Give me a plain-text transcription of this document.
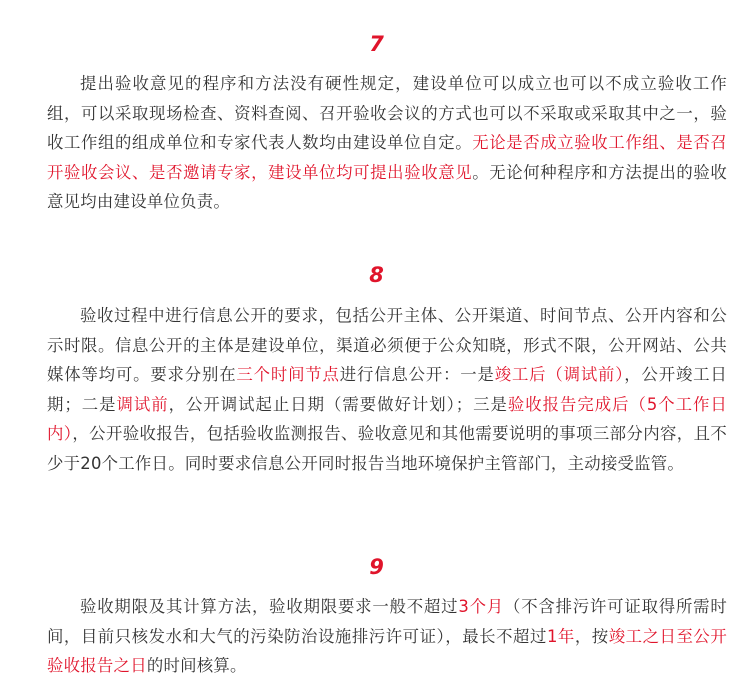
7

提出验收意见的程序和方法没有硬性规定，建设单位可以成立也可以不成立验收工作组，可以采取现场检查、资料查阅、召开验收会议的方式也可以不采取或采取其中之一，验收工作组的组成单位和专家代表人数均由建设单位自定。无论是否成立验收工作组、是否召开验收会议、是否邀请专家，建设单位均可提出验收意见。无论何种程序和方法提出的验收意见均由建设单位负责。

8

验收过程中进行信息公开的要求，包括公开主体、公开渠道、时间节点、公开内容和公示时限。信息公开的主体是建设单位，渠道必须便于公众知晓，形式不限，公开网站、公共媒体等均可。要求分别在三个时间节点进行信息公开：一是竣工后（调试前），公开竣工日期；二是调试前，公开调试起止日期（需要做好计划）；三是验收报告完成后（5个工作日内），公开验收报告，包括验收监测报告、验收意见和其他需要说明的事项三部分内容，且不少于20个工作日。同时要求信息公开同时报告当地环境保护主管部门，主动接受监管。

9

验收期限及其计算方法，验收期限要求一般不超过3个月（不含排污许可证取得所需时间，目前只核发水和大气的污染防治设施排污许可证），最长不超过1年，按竣工之日至公开验收报告之日的时间核算。
